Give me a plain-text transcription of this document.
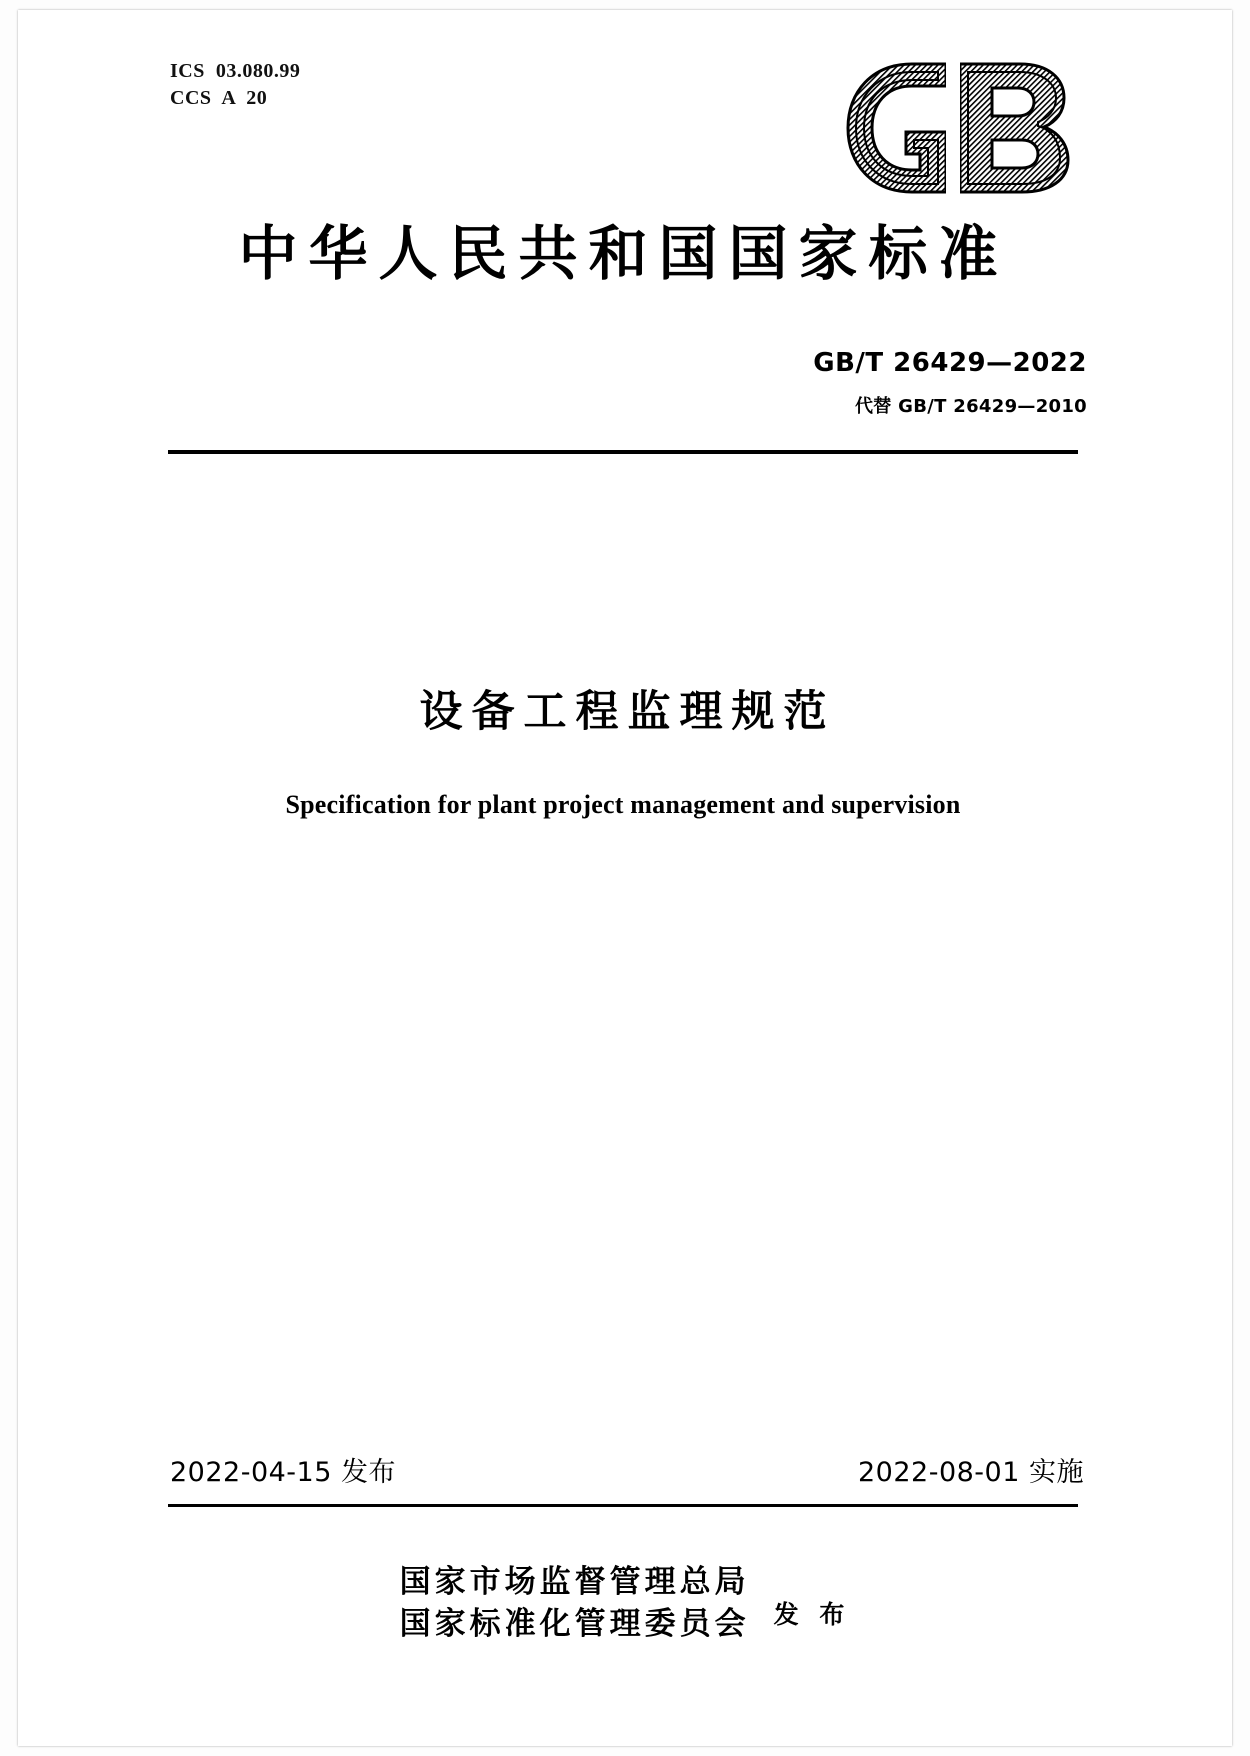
ICS  03.080.99
CCS  A  20
中华人民共和国国家标准
GB/T 26429—2022
代替 GB/T 26429—2010
设备工程监理规范
Specification for plant project management and supervision
2022-04-15 发布	2022-08-01 实施
国家市场监督管理总局
国家标准化管理委员会 发 布
